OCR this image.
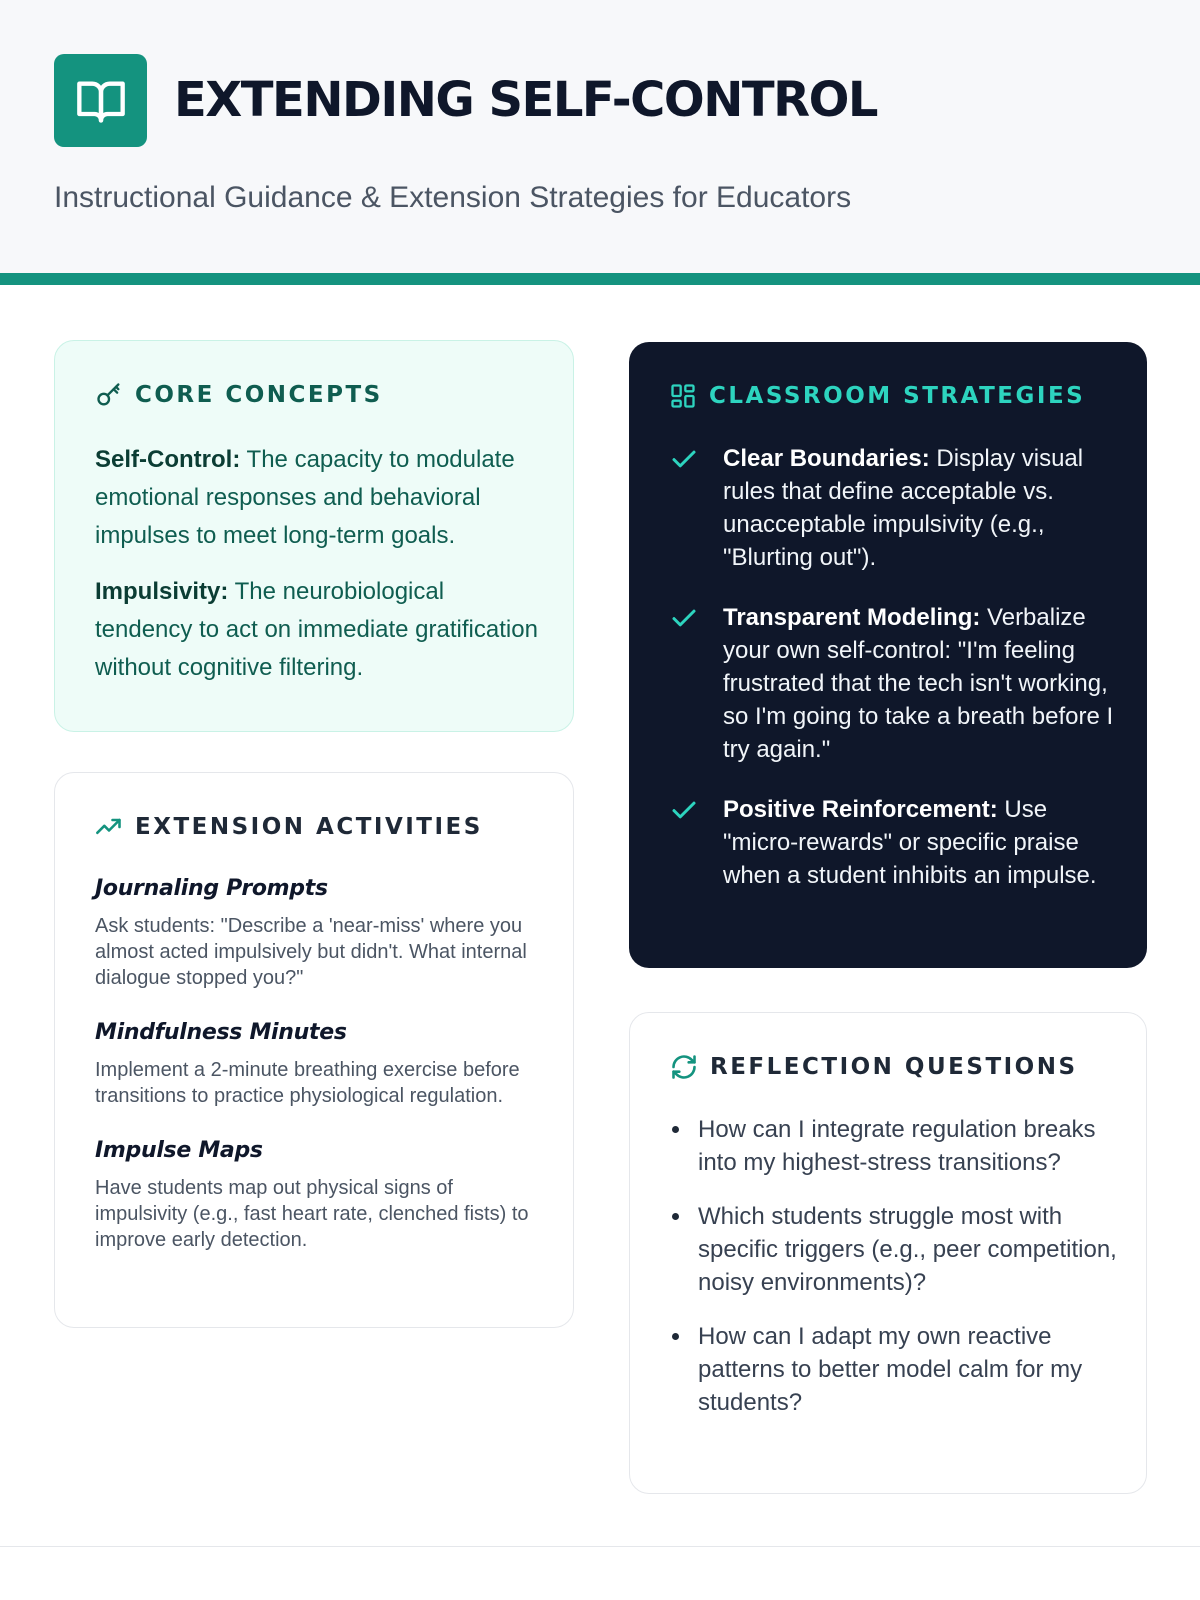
EXTENDING SELF-CONTROL
Instructional Guidance & Extension Strategies for Educators
CORE CONCEPTS

Self-Control: The capacity to modulate emotional responses and behavioral impulses to meet long-term goals.

Impulsivity: The neurobiological tendency to act on immediate gratification without cognitive filtering.

EXTENSION ACTIVITIES
Journaling Prompts
Ask students: "Describe a 'near-miss' where you almost acted impulsively but didn't. What internal dialogue stopped you?"
Mindfulness Minutes
Implement a 2-minute breathing exercise before transitions to practice physiological regulation.
Impulse Maps
Have students map out physical signs of impulsivity (e.g., fast heart rate, clenched fists) to improve early detection.
CLASSROOM STRATEGIES
Clear Boundaries: Display visual rules that define acceptable vs. unacceptable impulsivity (e.g., "Blurting out").
Transparent Modeling: Verbalize your own self-control: "I'm feeling frustrated that the tech isn't working, so I'm going to take a breath before I try again."
Positive Reinforcement: Use "micro-rewards" or specific praise when a student inhibits an impulse.
REFLECTION QUESTIONS
How can I integrate regulation breaks into my highest-stress transitions?
Which students struggle most with specific triggers (e.g., peer competition, noisy environments)?
How can I adapt my own reactive patterns to better model calm for my students?
